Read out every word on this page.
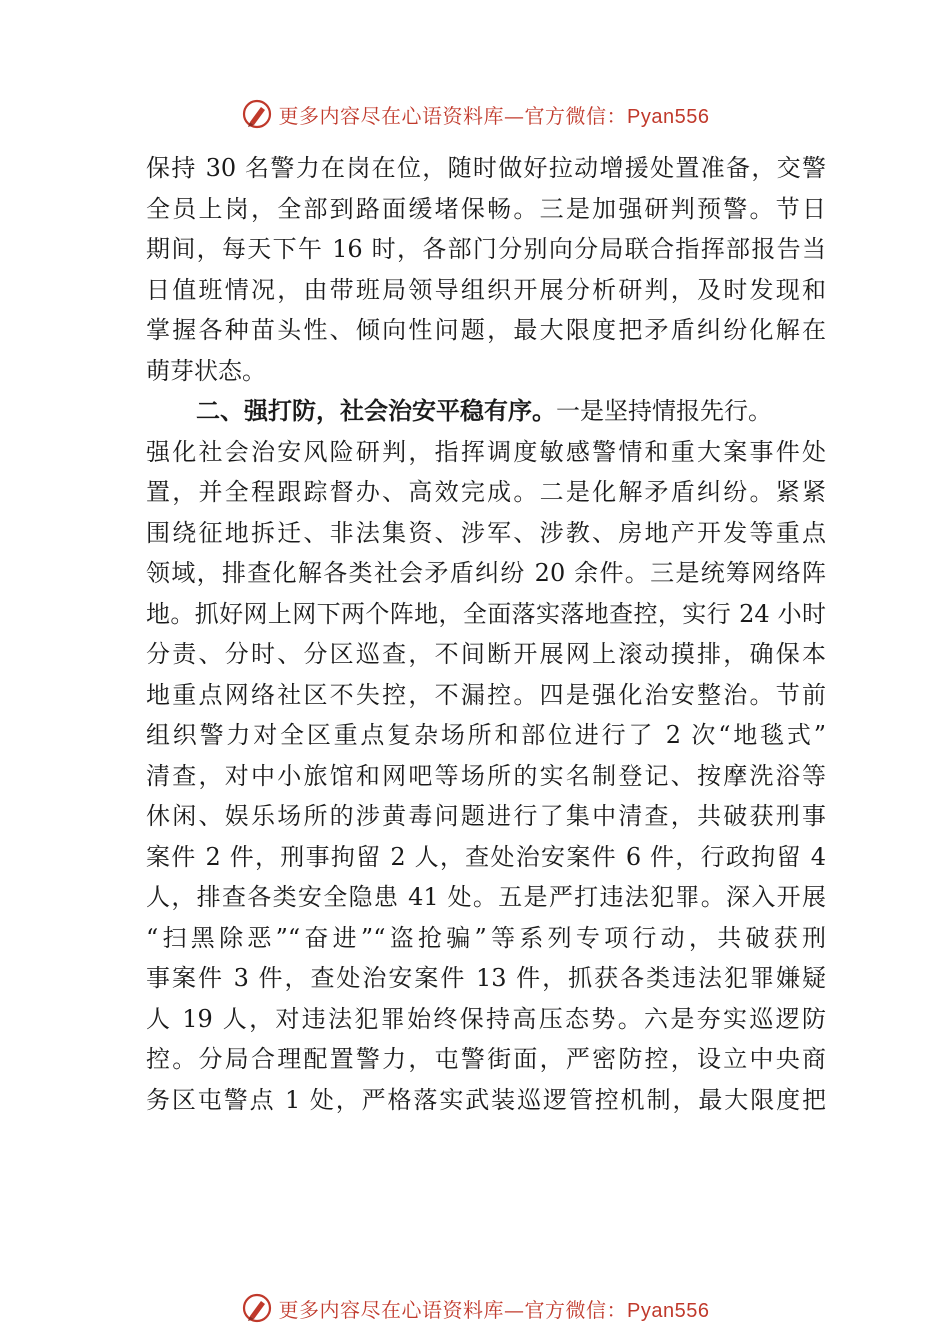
更多内容尽在心语资料库—官方微信：Pyan556
保持 30 名警力在岗在位，随时做好拉动增援处置准备，交警
全员上岗，全部到路面缓堵保畅。三是加强研判预警。节日
期间，每天下午 16 时，各部门分别向分局联合指挥部报告当
日值班情况，由带班局领导组织开展分析研判，及时发现和
掌握各种苗头性、倾向性问题，最大限度把矛盾纠纷化解在
萌芽状态。
二、强打防，社会治安平稳有序。一是坚持情报先行。
强化社会治安风险研判，指挥调度敏感警情和重大案事件处
置，并全程跟踪督办、高效完成。二是化解矛盾纠纷。紧紧
围绕征地拆迁、非法集资、涉军、涉教、房地产开发等重点
领域，排查化解各类社会矛盾纠纷 20 余件。三是统筹网络阵
地。抓好网上网下两个阵地，全面落实落地查控，实行 24 小时
分责、分时、分区巡查，不间断开展网上滚动摸排，确保本
地重点网络社区不失控，不漏控。四是强化治安整治。节前
组织警力对全区重点复杂场所和部位进行了 2 次“地毯式”
清查，对中小旅馆和网吧等场所的实名制登记、按摩洗浴等
休闲、娱乐场所的涉黄毒问题进行了集中清查，共破获刑事
案件 2 件，刑事拘留 2 人，查处治安案件 6 件，行政拘留 4
人，排查各类安全隐患 41 处。五是严打违法犯罪。深入开展
“扫黑除恶”“奋进”“盗抢骗”等系列专项行动，共破获刑
事案件 3 件，查处治安案件 13 件，抓获各类违法犯罪嫌疑
人 19 人，对违法犯罪始终保持高压态势。六是夯实巡逻防
控。分局合理配置警力，屯警街面，严密防控，设立中央商
务区屯警点 1 处，严格落实武装巡逻管控机制，最大限度把
更多内容尽在心语资料库—官方微信：Pyan556
